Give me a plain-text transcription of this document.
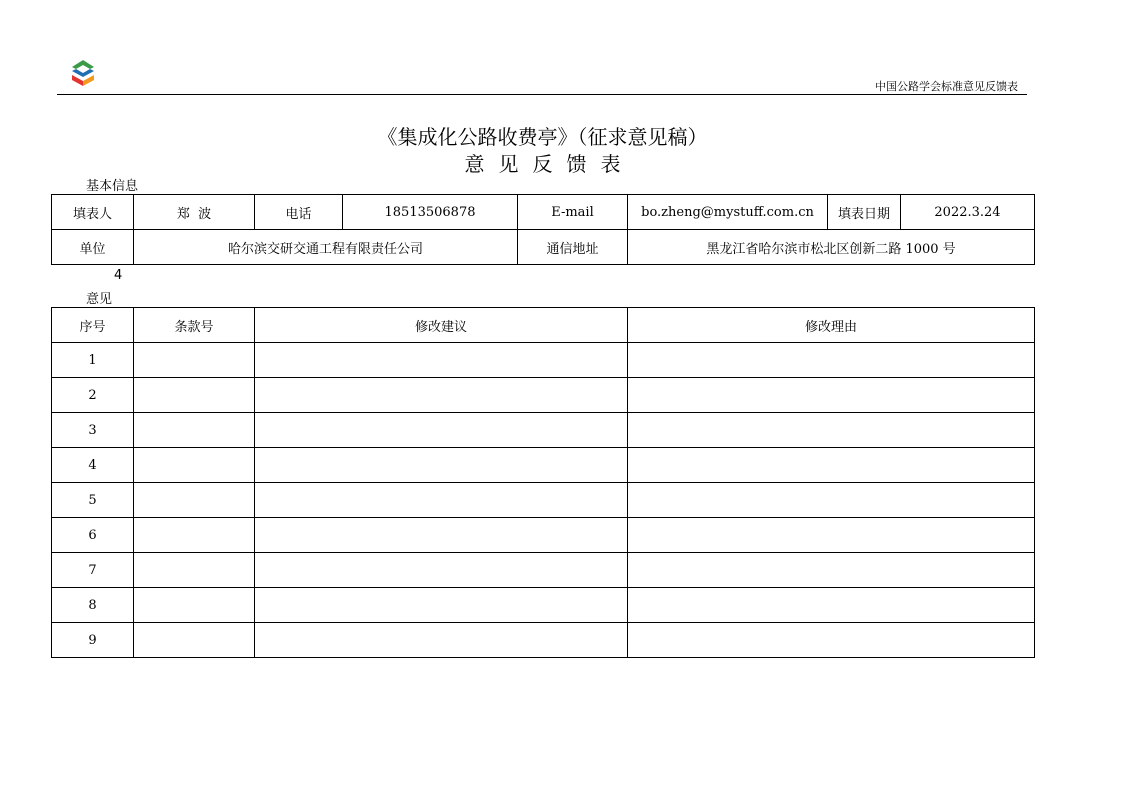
中国公路学会标准意见反馈表
《集成化公路收费亭》（征求意见稿）
意见反馈表
基本信息
填表人	郑  波	电话	18513506878	E-mail	bo.zheng@mystuff.com.cn	填表日期	2022.3.24
单位	哈尔滨交研交通工程有限责任公司			通信地址	黑龙江省哈尔滨市松北区创新二路 1000 号		
4
意见
序号	条款号	修改建议	修改理由
1			
2			
3			
4			
5			
6			
7			
8			
9			
